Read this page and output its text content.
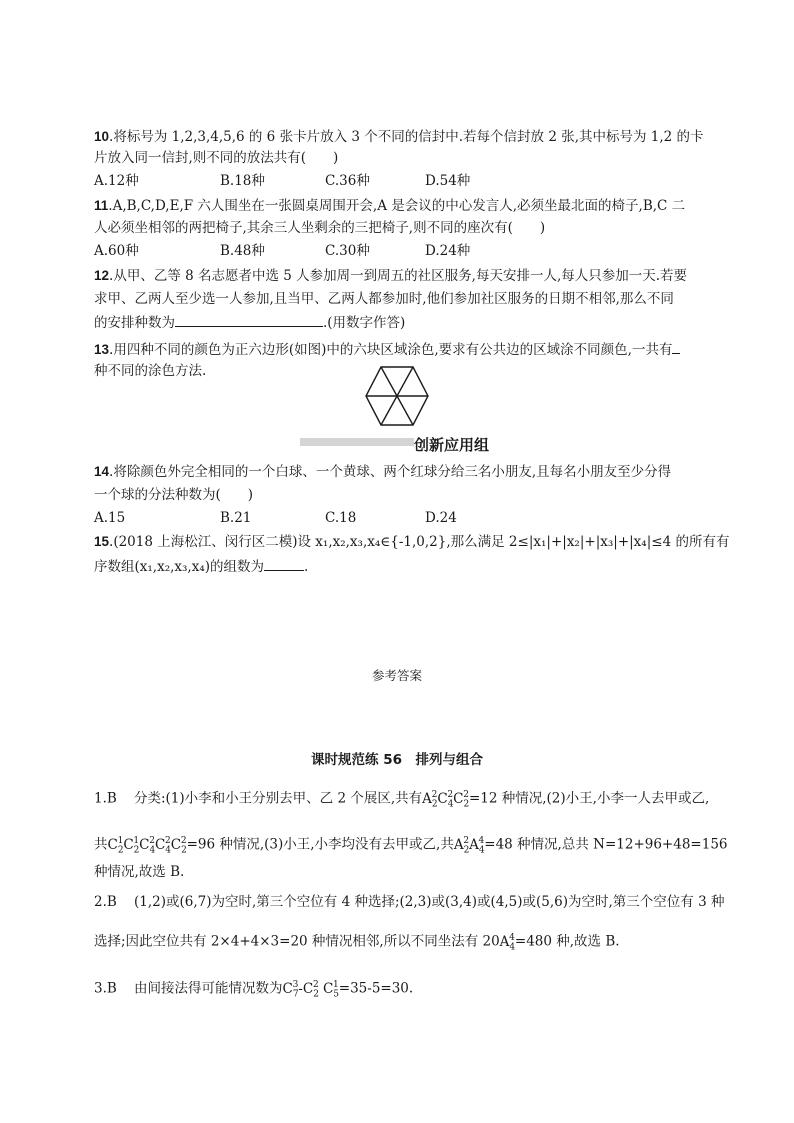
10.将标号为 1,2,3,4,5,6 的 6 张卡片放入 3 个不同的信封中.若每个信封放 2 张,其中标号为 1,2 的卡
片放入同一信封,则不同的放法共有(　　)
A.12种	B.18种	C.36种	D.54种
11.A,B,C,D,E,F 六人围坐在一张圆桌周围开会,A 是会议的中心发言人,必须坐最北面的椅子,B,C 二
人必须坐相邻的两把椅子,其余三人坐剩余的三把椅子,则不同的座次有(　　)
A.60种	B.48种	C.30种	D.24种
12.从甲、乙等 8 名志愿者中选 5 人参加周一到周五的社区服务,每天安排一人,每人只参加一天.若要
求甲、乙两人至少选一人参加,且当甲、乙两人都参加时,他们参加社区服务的日期不相邻,那么不同
的安排种数为	.(用数字作答)
13.用四种不同的颜色为正六边形(如图)中的六块区域涂色,要求有公共边的区域涂不同颜色,一共有
种不同的涂色方法.
创新应用组
14.将除颜色外完全相同的一个白球、一个黄球、两个红球分给三名小朋友,且每名小朋友至少分得
一个球的分法种数为(　　)
A.15	B.21	C.18	D.24
15.(2018 上海松江、闵行区二模)设 x₁,x₂,x₃,x₄∈{-1,0,2},那么满足 2≤|x₁|+|x₂|+|x₃|+|x₄|≤4 的所有有
序数组(x₁,x₂,x₃,x₄)的组数为	.
参考答案
课时规范练 56　排列与组合
1.B 分类:(1)小李和小王分别去甲、乙 2 个展区,共有$A_2^2C_4^2C_2^2=12$ 种情况,(2)小王,小李一人去甲或乙,
共$C_2^1C_2^1C_4^2C_4^2C_2^2=96$ 种情况,(3)小王,小李均没有去甲或乙,共$A_2^2A_4^4=48$ 种情况,总共 N=12+96+48=156
种情况,故选 B.
2.B (1,2)或(6,7)为空时,第三个空位有 4 种选择;(2,3)或(3,4)或(4,5)或(5,6)为空时,第三个空位有 3 种
选择;因此空位共有 2×4+4×3=20 种情况相邻,所以不同坐法有 $20A_4^4=480$ 种,故选 B.
3.B 由间接法得可能情况数为$C_7^3-C_2^2$ $C_5^1=35-5=30$.
